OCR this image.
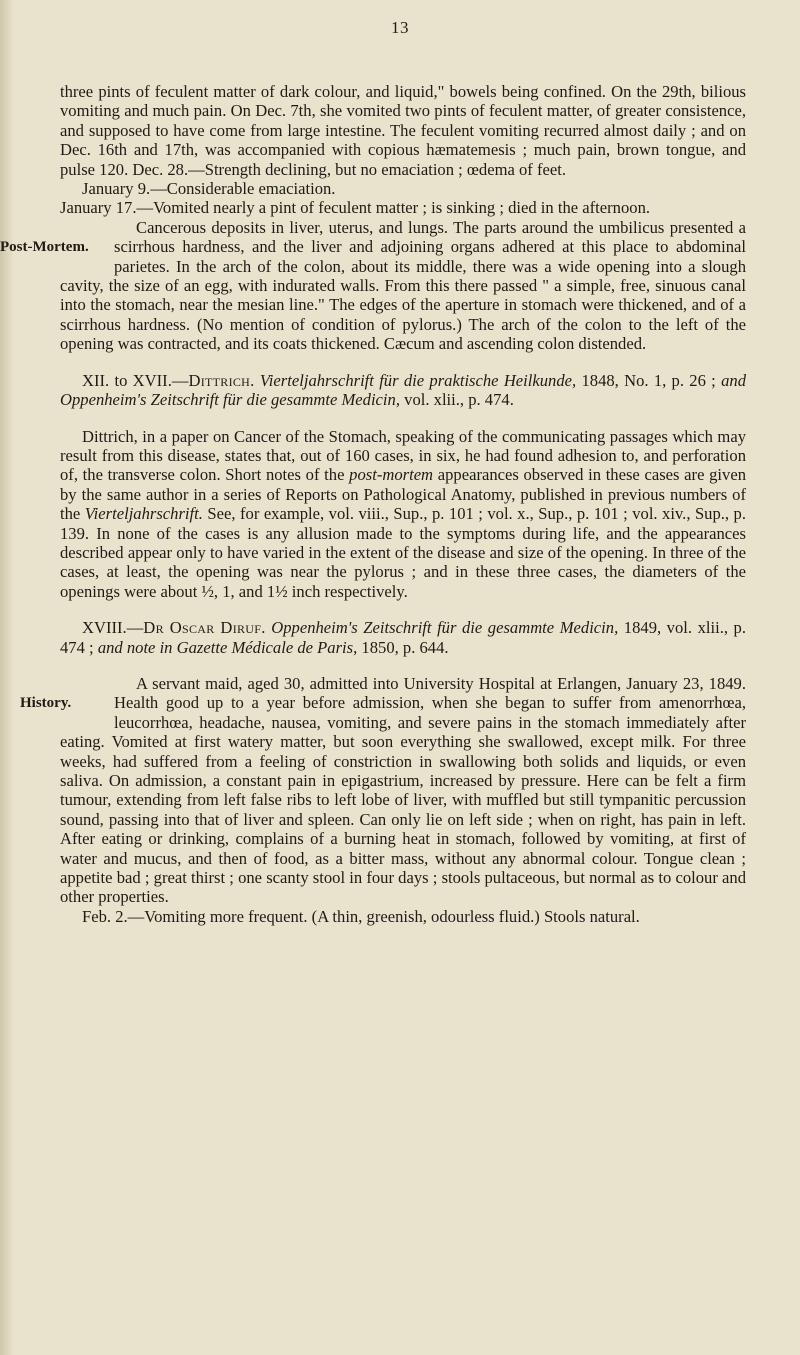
13

three pints of feculent matter of dark colour, and liquid," bowels being confined. On the 29th, bilious vomiting and much pain. On Dec. 7th, she vomited two pints of feculent matter, of greater consistence, and supposed to have come from large intestine. The feculent vomiting recurred almost daily ; and on Dec. 16th and 17th, was accompanied with copious hæmatemesis ; much pain, brown tongue, and pulse 120. Dec. 28.—Strength declining, but no emaciation ; œdema of feet.

January 9.—Considerable emaciation.

January 17.—Vomited nearly a pint of feculent matter ; is sinking ; died in the afternoon.

Post-Mortem.
Cancerous deposits in liver, uterus, and lungs. The parts around the umbilicus presented a scirrhous hardness, and the liver and adjoining organs adhered at this place to abdominal parietes. In the arch of the colon, about its middle, there was a wide opening into a slough cavity, the size of an egg, with indurated walls. From this there passed " a simple, free, sinuous canal into the stomach, near the mesian line." The edges of the aperture in stomach were thickened, and of a scirrhous hardness. (No mention of condition of pylorus.) The arch of the colon to the left of the opening was contracted, and its coats thickened. Cæcum and ascending colon distended.

XII. to XVII.—Dittrich. Vierteljahrschrift für die praktische Heilkunde, 1848, No. 1, p. 26 ; and Oppenheim's Zeitschrift für die gesammte Medicin, vol. xlii., p. 474.

Dittrich, in a paper on Cancer of the Stomach, speaking of the communicating passages which may result from this disease, states that, out of 160 cases, in six, he had found adhesion to, and perforation of, the transverse colon. Short notes of the post-mortem appearances observed in these cases are given by the same author in a series of Reports on Pathological Anatomy, published in previous numbers of the Vierteljahrschrift. See, for example, vol. viii., Sup., p. 101 ; vol. x., Sup., p. 101 ; vol. xiv., Sup., p. 139. In none of the cases is any allusion made to the symptoms during life, and the appearances described appear only to have varied in the extent of the disease and size of the opening. In three of the cases, at least, the opening was near the pylorus ; and in these three cases, the diameters of the openings were about ½, 1, and 1½ inch respectively.

XVIII.—Dr Oscar Diruf. Oppenheim's Zeitschrift für die gesammte Medicin, 1849, vol. xlii., p. 474 ; and note in Gazette Médicale de Paris, 1850, p. 644.

History.
A servant maid, aged 30, admitted into University Hospital at Erlangen, January 23, 1849. Health good up to a year before admission, when she began to suffer from amenorrhœa, leucorrhœa, headache, nausea, vomiting, and severe pains in the stomach immediately after eating. Vomited at first watery matter, but soon everything she swallowed, except milk. For three weeks, had suffered from a feeling of constriction in swallowing both solids and liquids, or even saliva. On admission, a constant pain in epigastrium, increased by pressure. Here can be felt a firm tumour, extending from left false ribs to left lobe of liver, with muffled but still tympanitic percussion sound, passing into that of liver and spleen. Can only lie on left side ; when on right, has pain in left. After eating or drinking, complains of a burning heat in stomach, followed by vomiting, at first of water and mucus, and then of food, as a bitter mass, without any abnormal colour. Tongue clean ; appetite bad ; great thirst ; one scanty stool in four days ; stools pultaceous, but normal as to colour and other properties.

Feb. 2.—Vomiting more frequent. (A thin, greenish, odourless fluid.) Stools natural.
